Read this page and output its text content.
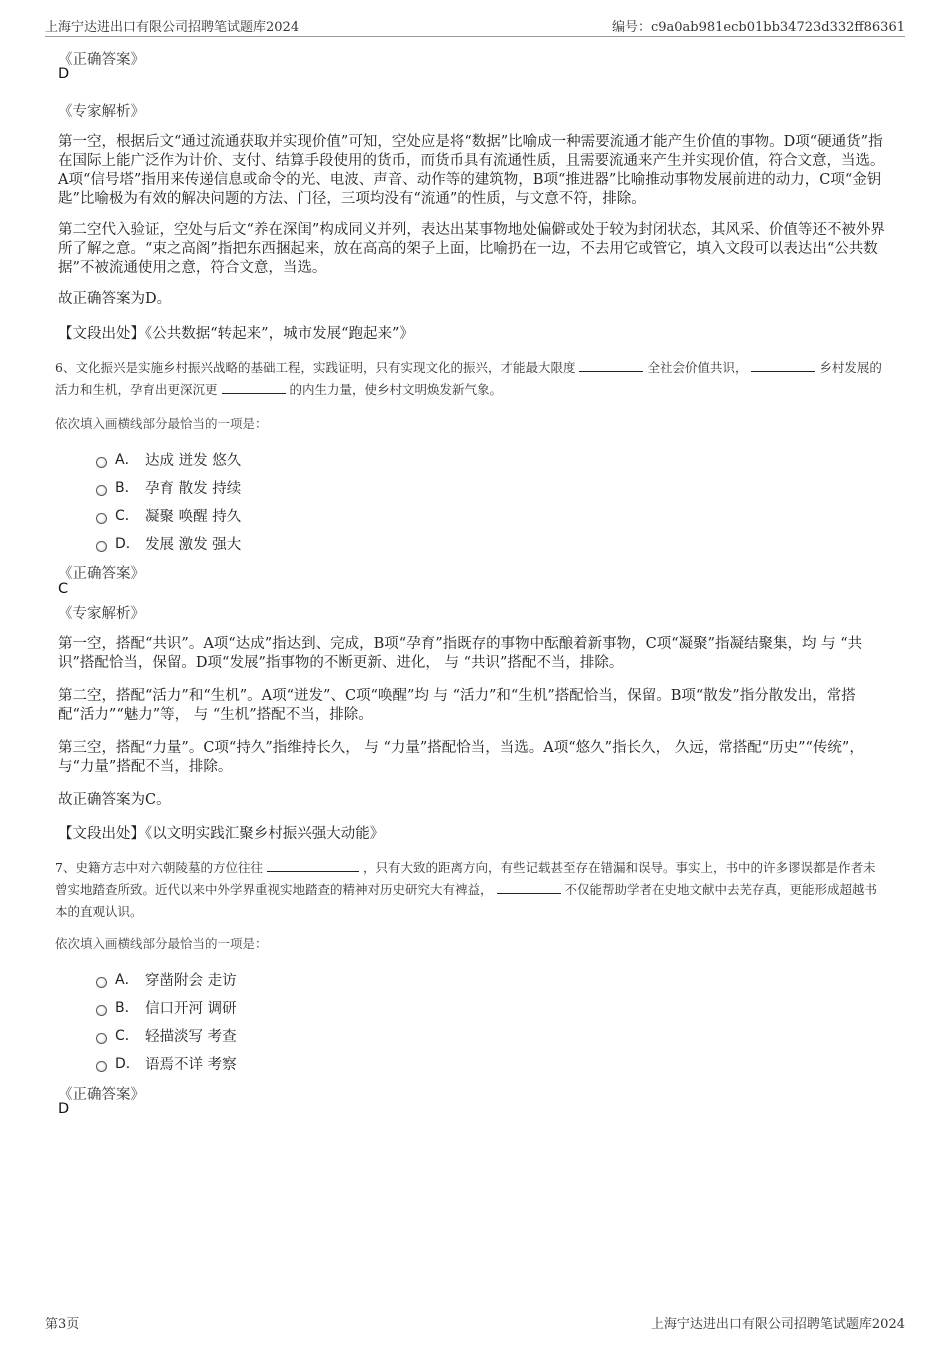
上海宁达进出口有限公司招聘笔试题库2024	编号：c9a0ab981ecb01bb34723d332ff86361
《正确答案》
D
《专家解析》
第一空，根据后文“通过流通获取并实现价值”可知，空处应是将“数据”比喻成一种需要流通才能产生价值的事物。D项“硬通货”指在国际上能广泛作为计价、支付、结算手段使用的货币，而货币具有流通性质，且需要流通来产生并实现价值，符合文意，当选。A项“信号塔”指用来传递信息或命令的光、电波、声音、动作等的建筑物，B项“推进器”比喻推动事物发展前进的动力，C项“金钥匙”比喻极为有效的解决问题的方法、门径，三项均没有“流通”的性质，与文意不符，排除。
第二空代入验证，空处与后文“养在深闺”构成同义并列，表达出某事物地处偏僻或处于较为封闭状态，其风采、价值等还不被外界所了解之意。“束之高阁”指把东西捆起来，放在高高的架子上面，比喻扔在一边，不去用它或管它，填入文段可以表达出“公共数据”不被流通使用之意，符合文意，当选。
故正确答案为D。
【文段出处】《公共数据“转起来”，城市发展“跑起来”》
6、文化振兴是实施乡村振兴战略的基础工程，实践证明，只有实现文化的振兴，才能最大限度	全社会价值共识，	乡村发展的活力和生机，孕育出更深沉更	的内生力量，使乡村文明焕发新气象。
依次填入画横线部分最恰当的一项是：
A． 达成 迸发 悠久
B． 孕育 散发 持续
C． 凝聚 唤醒 持久
D． 发展 激发 强大
《正确答案》
C
《专家解析》
第一空，搭配“共识”。A项“达成”指达到、完成，B项“孕育”指既存的事物中酝酿着新事物，C项“凝聚”指凝结聚集，均 与 “共识”搭配恰当，保留。D项“发展”指事物的不断更新、进化， 与 “共识”搭配不当，排除。
第二空，搭配“活力”和“生机”。A项“迸发”、C项“唤醒”均 与 “活力”和“生机”搭配恰当，保留。B项“散发”指分散发出，常搭配“活力”“魅力”等， 与 “生机”搭配不当，排除。
第三空，搭配“力量”。C项“持久”指维持长久， 与 “力量”搭配恰当，当选。A项“悠久”指长久， 久远，常搭配“历史”“传统”，与“力量”搭配不当，排除。
故正确答案为C。
【文段出处】《以文明实践汇聚乡村振兴强大动能》
7、史籍方志中对六朝陵墓的方位往往	，只有大致的距离方向，有些记载甚至存在错漏和误导。事实上，书中的许多谬误都是作者未曾实地踏查所致。近代以来中外学界重视实地踏查的精神对历史研究大有裨益，	不仅能帮助学者在史地文献中去芜存真，更能形成超越书本的直观认识。
依次填入画横线部分最恰当的一项是：
A． 穿凿附会 走访
B． 信口开河 调研
C． 轻描淡写 考查
D． 语焉不详 考察
《正确答案》
D
第3页	上海宁达进出口有限公司招聘笔试题库2024
